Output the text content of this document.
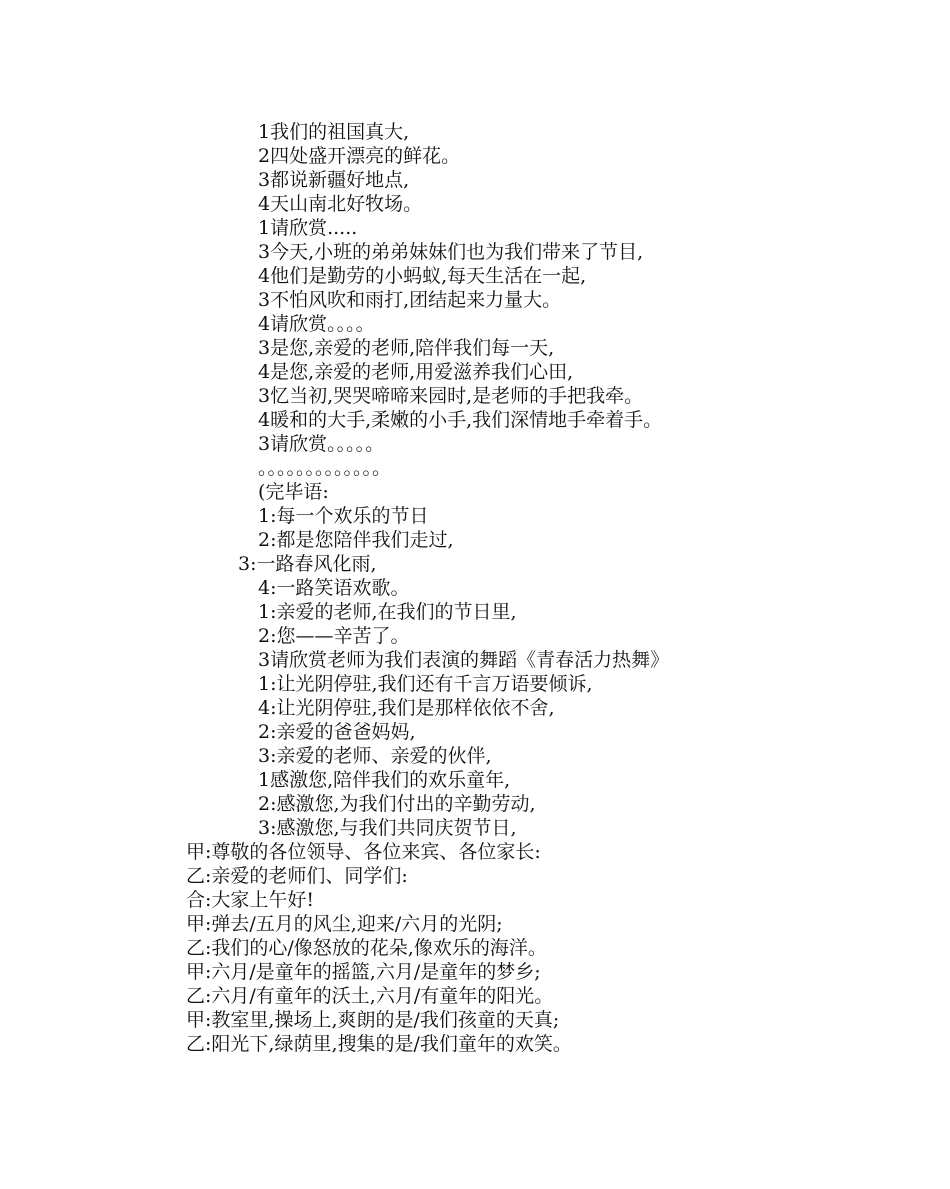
1我们的祖国真大,
2四处盛开漂亮的鲜花。
3都说新疆好地点,
4天山南北好牧场。
1请欣赏.....
3今天,小班的弟弟妹妹们也为我们带来了节目,
4他们是勤劳的小蚂蚁,每天生活在一起,
3不怕风吹和雨打,团结起来力量大。
4请欣赏。。。。
3是您,亲爱的老师,陪伴我们每一天,
4是您,亲爱的老师,用爱滋养我们心田,
3忆当初,哭哭啼啼来园时,是老师的手把我牵。
4暖和的大手,柔嫩的小手,我们深情地手牵着手。
3请欣赏。。。。。
。。。。。。。。。。。。。
(完毕语:
1:每一个欢乐的节日
2:都是您陪伴我们走过,
3:一路春风化雨,
4:一路笑语欢歌。
1:亲爱的老师,在我们的节日里,
2:您——辛苦了。
3请欣赏老师为我们表演的舞蹈《青春活力热舞》
1:让光阴停驻,我们还有千言万语要倾诉,
4:让光阴停驻,我们是那样依依不舍,
2:亲爱的爸爸妈妈,
3:亲爱的老师、亲爱的伙伴,
1感激您,陪伴我们的欢乐童年,
2:感激您,为我们付出的辛勤劳动,
3:感激您,与我们共同庆贺节日,
甲:尊敬的各位领导、各位来宾、各位家长:
乙:亲爱的老师们、同学们:
合:大家上午好!
甲:弹去/五月的风尘,迎来/六月的光阴;
乙:我们的心/像怒放的花朵,像欢乐的海洋。
甲:六月/是童年的摇篮,六月/是童年的梦乡;
乙:六月/有童年的沃土,六月/有童年的阳光。
甲:教室里,操场上,爽朗的是/我们孩童的天真;
乙:阳光下,绿荫里,搜集的是/我们童年的欢笑。
